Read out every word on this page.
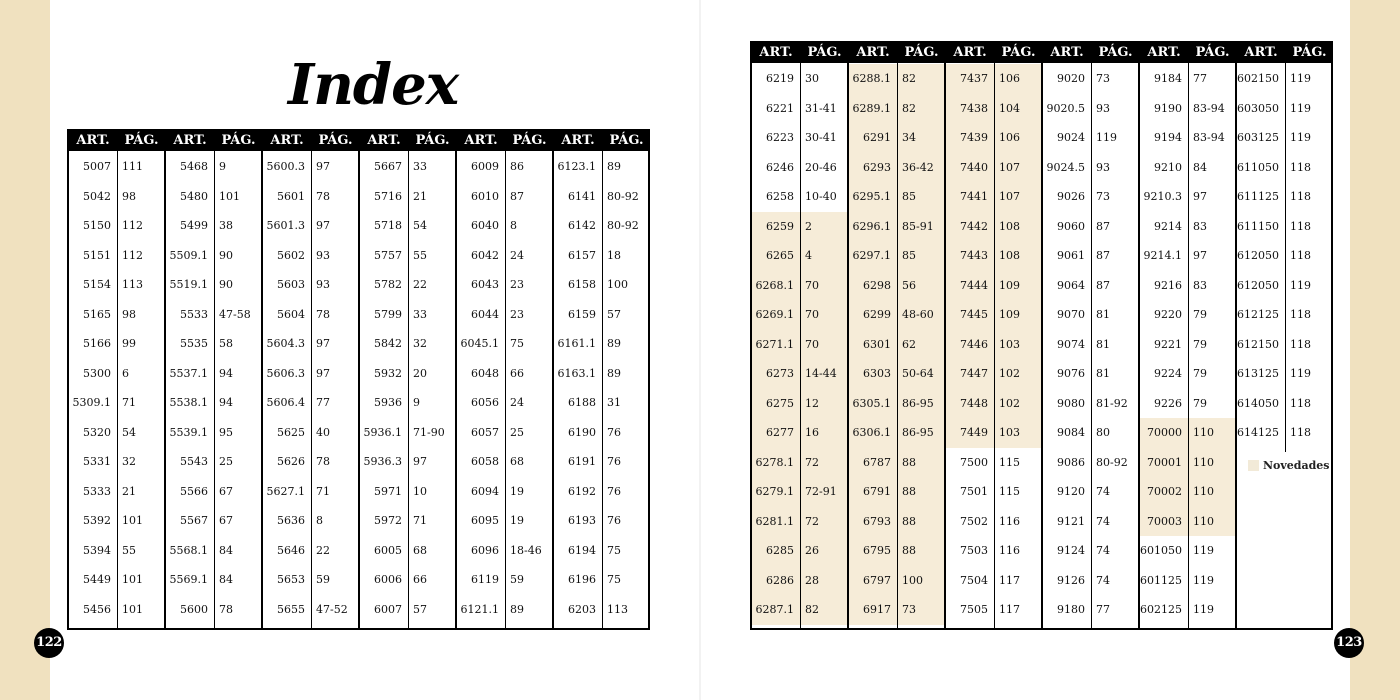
Index
ART.	PÁG.
5007 111
5042 98
5150 112
5151 112
5154 113
5165 98
5166 99
5300 6
5309.1 71
5320 54
5331 32
5333 21
5392 101
5394 55
5449 101
5456 101
ART.	PÁG.
5468 9
5480 101
5499 38
5509.1 90
5519.1 90
5533 47-58
5535 58
5537.1 94
5538.1 94
5539.1 95
5543 25
5566 67
5567 67
5568.1 84
5569.1 84
5600 78
ART.	PÁG.
5600.3 97
5601 78
5601.3 97
5602 93
5603 93
5604 78
5604.3 97
5606.3 97
5606.4 77
5625 40
5626 78
5627.1 71
5636 8
5646 22
5653 59
5655 47-52
ART.	PÁG.
5667 33
5716 21
5718 54
5757 55
5782 22
5799 33
5842 32
5932 20
5936 9
5936.1 71-90
5936.3 97
5971 10
5972 71
6005 68
6006 66
6007 57
ART.	PÁG.
6009 86
6010 87
6040 8
6042 24
6043 23
6044 23
6045.1 75
6048 66
6056 24
6057 25
6058 68
6094 19
6095 19
6096 18-46
6119 59
6121.1 89
ART.	PÁG.
6123.1 89
6141 80-92
6142 80-92
6157 18
6158 100
6159 57
6161.1 89
6163.1 89
6188 31
6190 76
6191 76
6192 76
6193 76
6194 75
6196 75
6203 113
ART.	PÁG.
6219 30
6221 31-41
6223 30-41
6246 20-46
6258 10-40
6259 2
6265 4
6268.1 70
6269.1 70
6271.1 70
6273 14-44
6275 12
6277 16
6278.1 72
6279.1 72-91
6281.1 72
6285 26
6286 28
6287.1 82
ART.	PÁG.
6288.1 82
6289.1 82
6291 34
6293 36-42
6295.1 85
6296.1 85-91
6297.1 85
6298 56
6299 48-60
6301 62
6303 50-64
6305.1 86-95
6306.1 86-95
6787 88
6791 88
6793 88
6795 88
6797 100
6917 73
ART.	PÁG.
7437 106
7438 104
7439 106
7440 107
7441 107
7442 108
7443 108
7444 109
7445 109
7446 103
7447 102
7448 102
7449 103
7500 115
7501 115
7502 116
7503 116
7504 117
7505 117
ART.	PÁG.
9020 73
9020.5 93
9024 119
9024.5 93
9026 73
9060 87
9061 87
9064 87
9070 81
9074 81
9076 81
9080 81-92
9084 80
9086 80-92
9120 74
9121 74
9124 74
9126 74
9180 77
ART.	PÁG.
9184 77
9190 83-94
9194 83-94
9210 84
9210.3 97
9214 83
9214.1 97
9216 83
9220 79
9221 79
9224 79
9226 79
70000 110
70001 110
70002 110
70003 110
601050 119
601125 119
602125 119
ART.	PÁG.
602150 119
603050 119
603125 119
611050 118
611125 118
611150 118
612050 118
612050 119
612125 118
612150 118
613125 119
614050 118
614125 118
Novedades
122	123
